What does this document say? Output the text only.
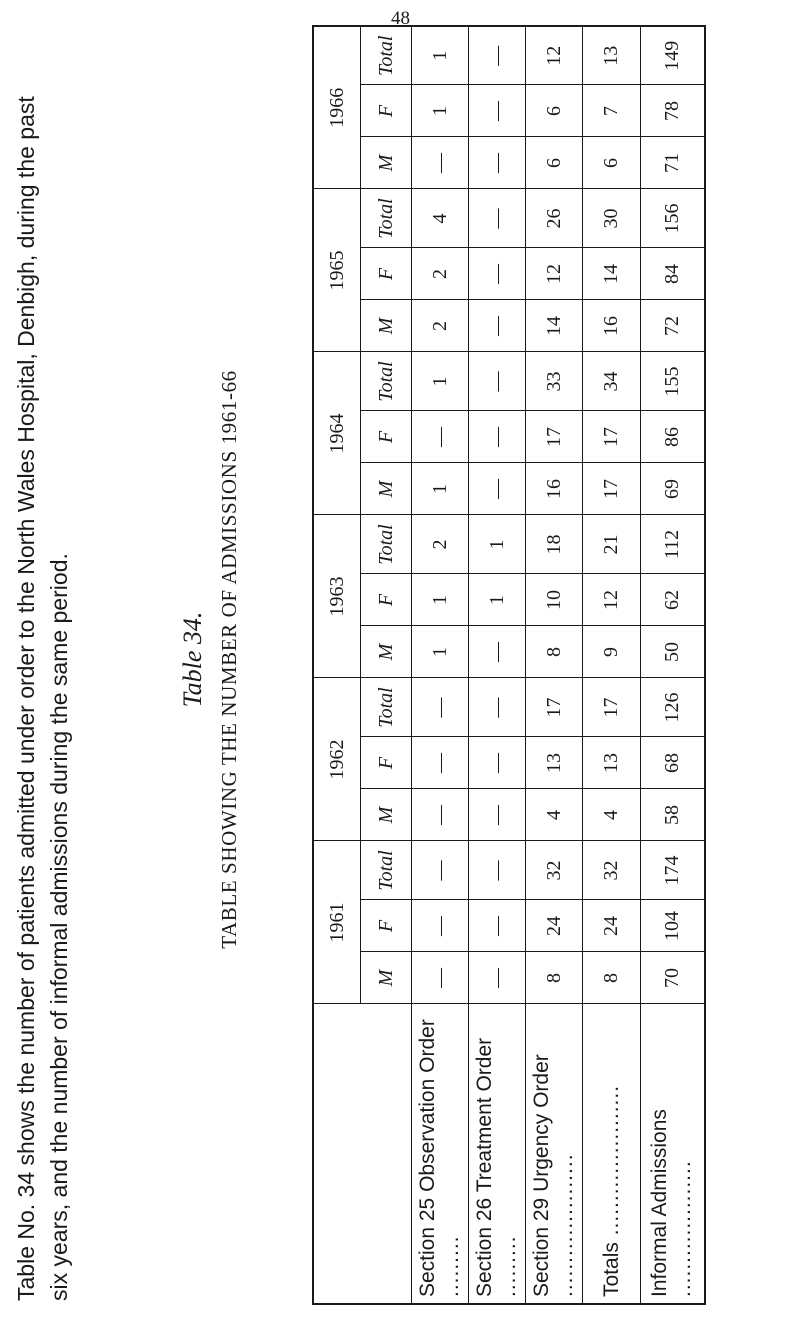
48
Table No. 34 shows the number of patients admitted under order to the North Wales Hospital, Denbigh, during the past six years, and the number of informal admissions during the same period.	TABLE SHOWING THE NUMBER OF ADMISSIONS 1961-66
Table 34.
	1961			1962			1963			1964			1965			1966		
	M	F	Total	M	F	Total	M	F	Total	M	F	Total	M	F	Total	M	F	Total
Section 25 Observation Order .........	—	—	—	—	—	—	1	1	2	1	—	1	2	2	4	—	1	1
Section 26 Treatment Order .........	—	—	—	—	—	—	—	1	1	—	—	—	—	—	—	—	—	—
Section 29 Urgency Order .....................	8	24	32	4	13	17	8	10	18	16	17	33	14	12	26	6	6	12
Totals ......................	8	24	32	4	13	17	9	12	21	17	17	34	16	14	30	6	7	13
Informal Admissions ....................	70	104	174	58	68	126	50	62	112	69	86	155	72	84	156	71	78	149
